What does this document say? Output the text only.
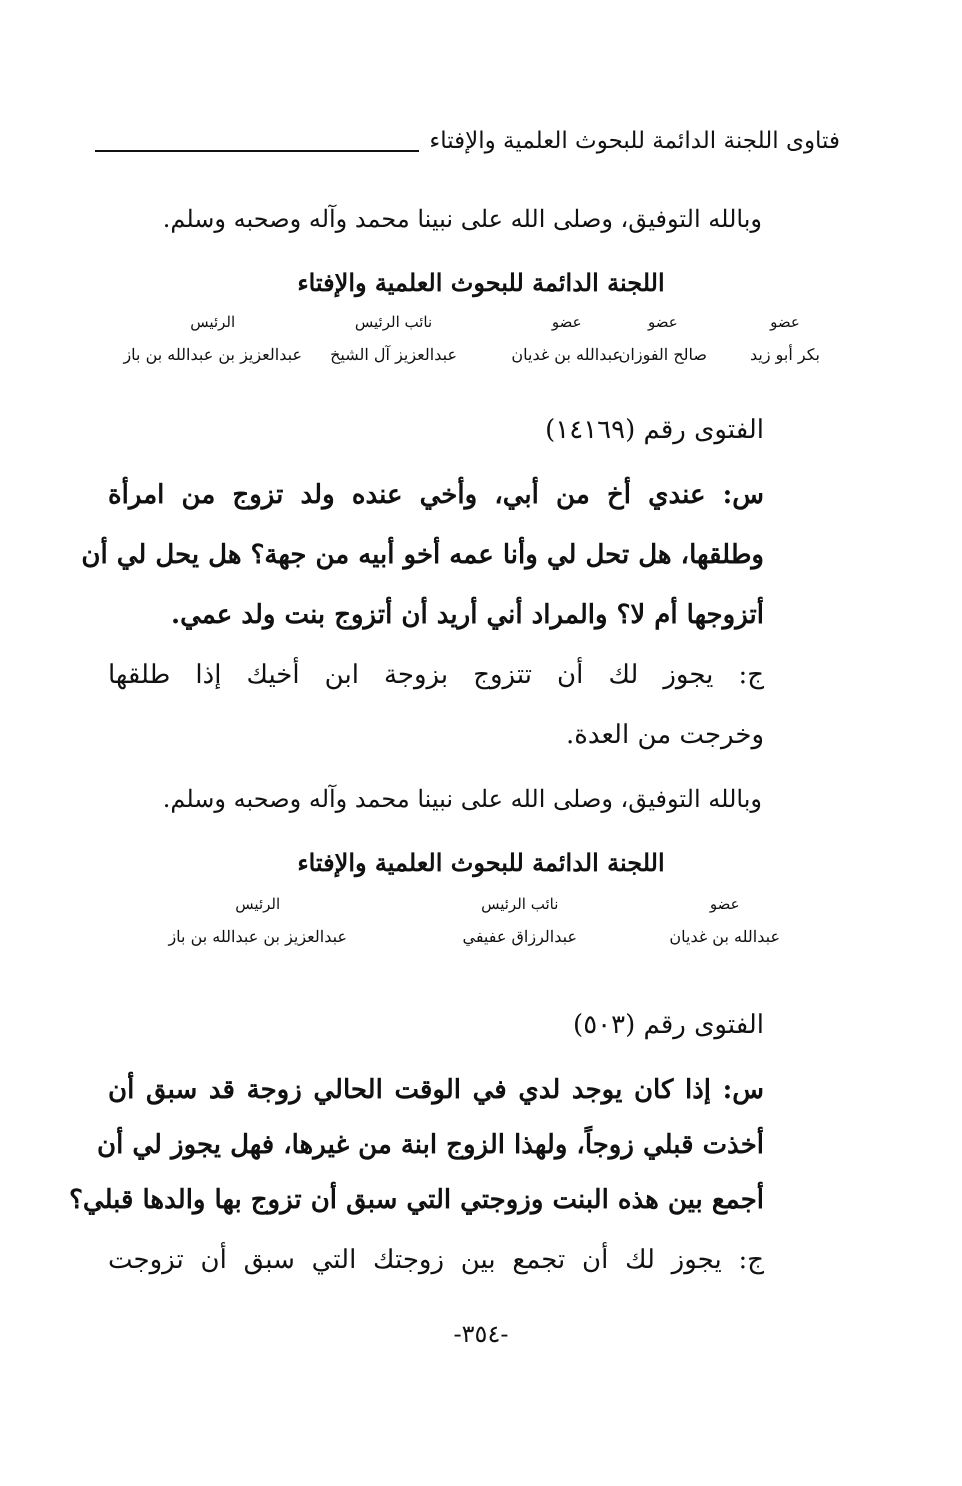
فتاوى اللجنة الدائمة للبحوث العلمية والإفتاء
وبالله التوفيق، وصلى الله على نبينا محمد وآله وصحبه وسلم.
اللجنة الدائمة للبحوث العلمية والإفتاء
عضو
بكر أبو زيد
عضو
صالح الفوزان
عضو
عبدالله بن غديان
نائب الرئيس
عبدالعزيز آل الشيخ
الرئيس
عبدالعزيز بن عبدالله بن باز
الفتوى رقم (١٤١٦٩)
س: عندي أخ من أبي، وأخي عنده ولد تزوج من امرأة
وطلقها، هل تحل لي وأنا عمه أخو أبيه من جهة؟ هل يحل لي أن
أتزوجها أم لا؟ والمراد أني أريد أن أتزوج بنت ولد عمي.
ج: يجوز لك أن تتزوج بزوجة ابن أخيك إذا طلقها
وخرجت من العدة.
وبالله التوفيق، وصلى الله على نبينا محمد وآله وصحبه وسلم.
اللجنة الدائمة للبحوث العلمية والإفتاء
عضو
عبدالله بن غديان
نائب الرئيس
عبدالرزاق عفيفي
الرئيس
عبدالعزيز بن عبدالله بن باز
الفتوى رقم (٥٠٣)
س: إذا كان يوجد لدي في الوقت الحالي زوجة قد سبق أن
أخذت قبلي زوجاً، ولهذا الزوج ابنة من غيرها، فهل يجوز لي أن
أجمع بين هذه البنت وزوجتي التي سبق أن تزوج بها والدها قبلي؟
ج: يجوز لك أن تجمع بين زوجتك التي سبق أن تزوجت
-٣٥٤-
